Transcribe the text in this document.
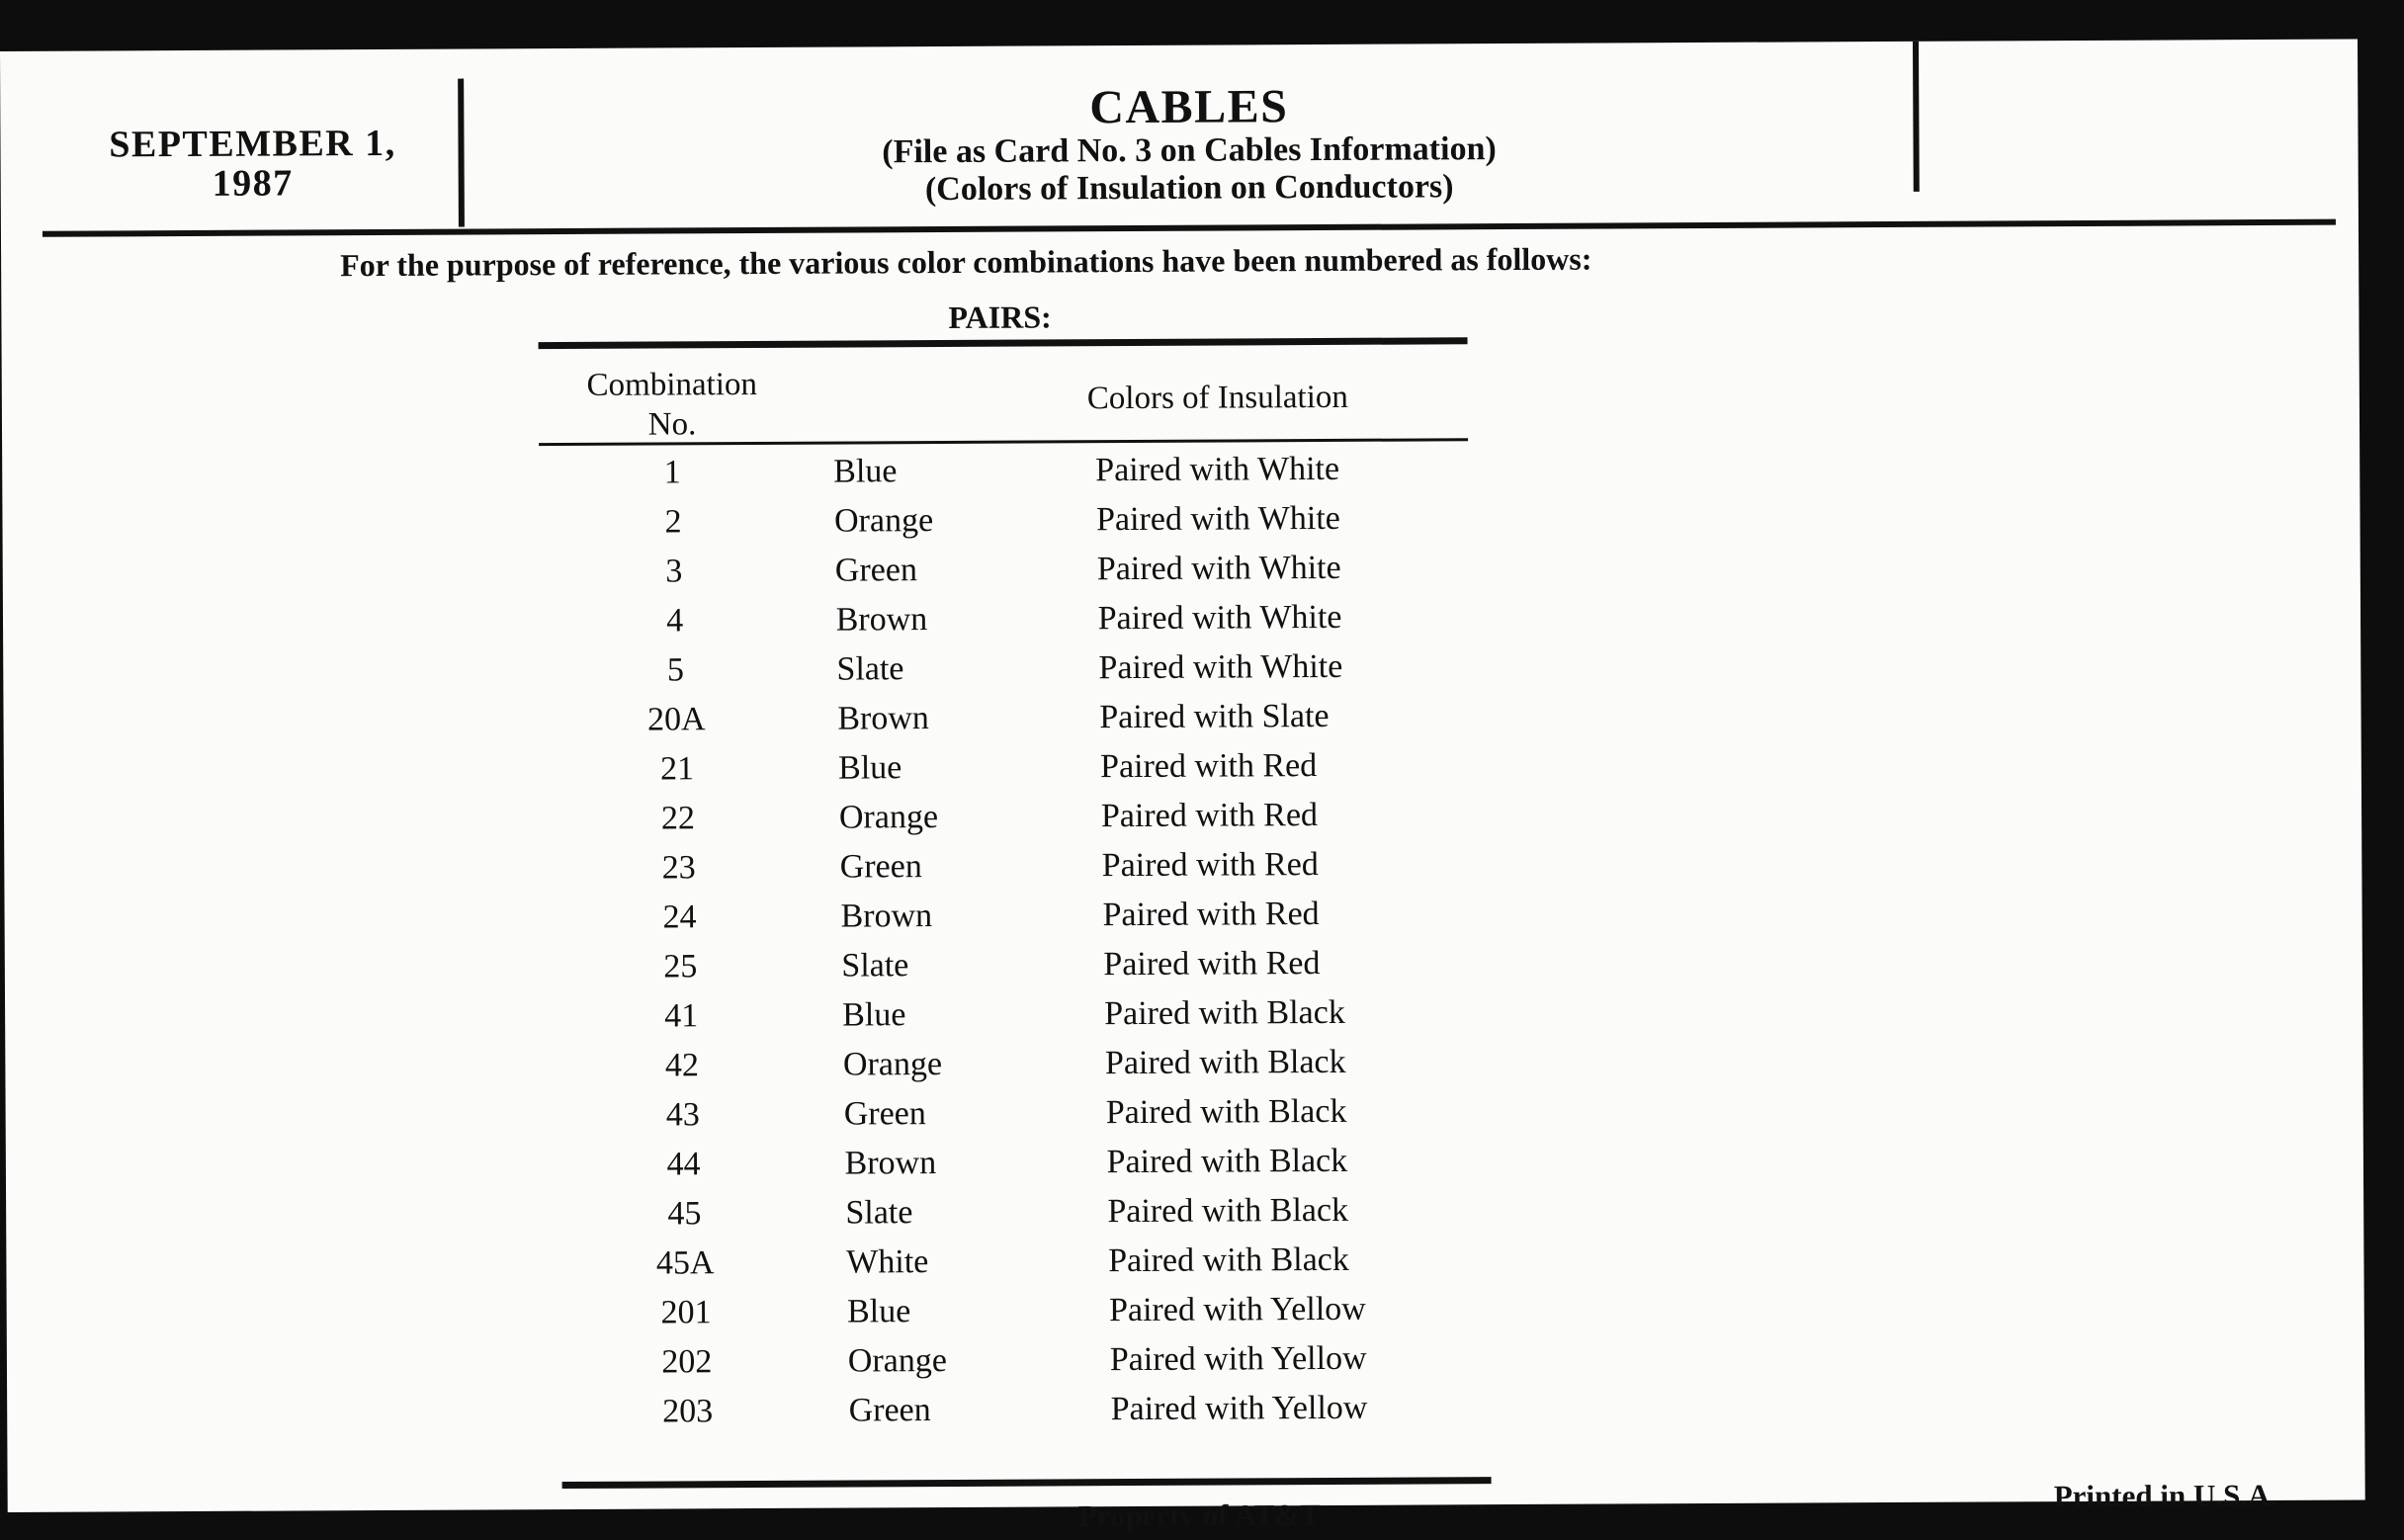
SEPTEMBER 1,
1987
CABLES
(File as Card No. 3 on Cables Information)
(Colors of Insulation on Conductors)
For the purpose of reference, the various color combinations have been numbered as follows:
PAIRS:
Combination
No.
Colors of Insulation
1	Blue	Paired with White
2	Orange	Paired with White
3	Green	Paired with White
4	Brown	Paired with White
5	Slate	Paired with White
20A	Brown	Paired with Slate
21	Blue	Paired with Red
22	Orange	Paired with Red
23	Green	Paired with Red
24	Brown	Paired with Red
25	Slate	Paired with Red
41	Blue	Paired with Black
42	Orange	Paired with Black
43	Green	Paired with Black
44	Brown	Paired with Black
45	Slate	Paired with Black
45A	White	Paired with Black
201	Blue	Paired with Yellow
202	Orange	Paired with Yellow
203	Green	Paired with Yellow
Property of AT&T
Printed in U.S.A.
